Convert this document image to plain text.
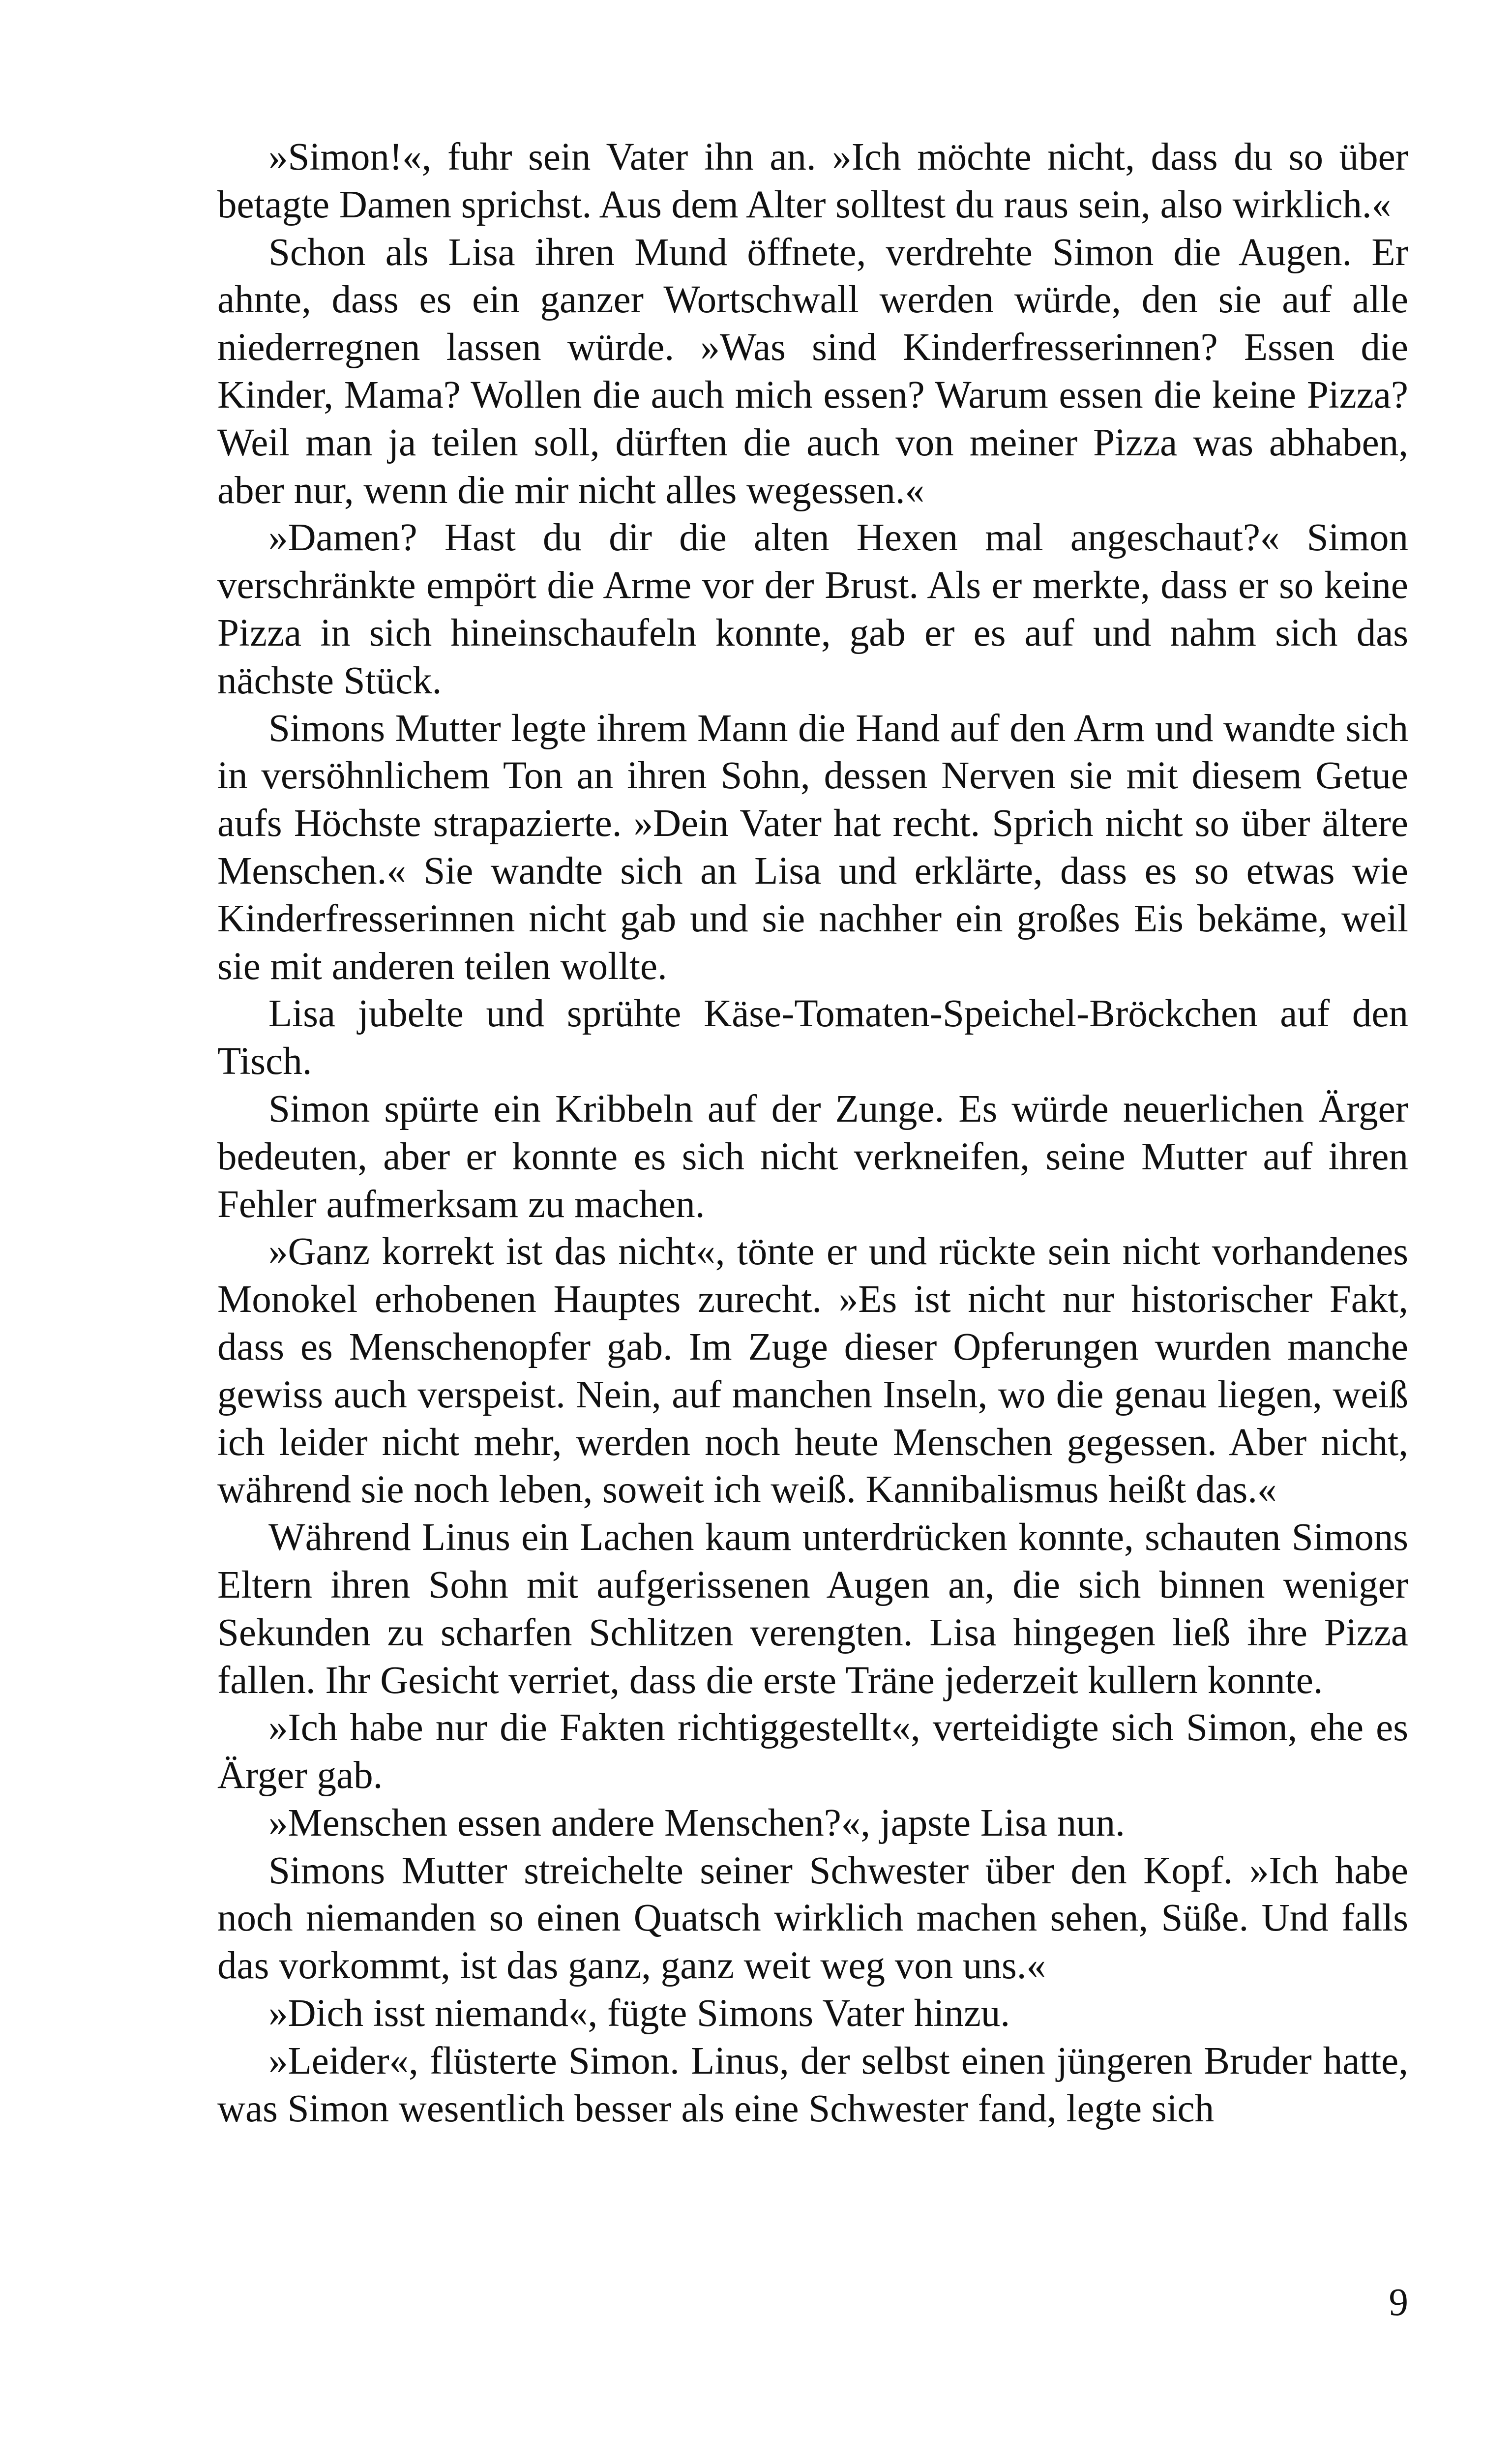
»Simon!«, fuhr sein Vater ihn an. »Ich möchte nicht, dass du so über betagte Damen sprichst. Aus dem Alter solltest du raus sein, also wirklich.«

Schon als Lisa ihren Mund öffnete, verdrehte Simon die Augen. Er ahnte, dass es ein ganzer Wortschwall werden würde, den sie auf alle niederregnen lassen würde. »Was sind Kinderfresserinnen? Essen die Kinder, Mama? Wollen die auch mich essen? Warum essen die keine Pizza? Weil man ja teilen soll, dürften die auch von meiner Pizza was abhaben, aber nur, wenn die mir nicht alles wegessen.«

»Damen? Hast du dir die alten Hexen mal angeschaut?« Simon verschränkte empört die Arme vor der Brust. Als er merkte, dass er so keine Pizza in sich hineinschaufeln konnte, gab er es auf und nahm sich das nächste Stück.

Simons Mutter legte ihrem Mann die Hand auf den Arm und wandte sich in versöhnlichem Ton an ihren Sohn, dessen Nerven sie mit diesem Getue aufs Höchste strapazierte. »Dein Vater hat recht. Sprich nicht so über ältere Menschen.« Sie wandte sich an Lisa und erklärte, dass es so etwas wie Kinderfresserinnen nicht gab und sie nachher ein großes Eis bekäme, weil sie mit anderen teilen wollte.

Lisa jubelte und sprühte Käse-Tomaten-Speichel-Bröckchen auf den Tisch.

Simon spürte ein Kribbeln auf der Zunge. Es würde neuerlichen Ärger bedeuten, aber er konnte es sich nicht verkneifen, seine Mutter auf ihren Fehler aufmerksam zu machen.

»Ganz korrekt ist das nicht«, tönte er und rückte sein nicht vorhandenes Monokel erhobenen Hauptes zurecht. »Es ist nicht nur historischer Fakt, dass es Menschenopfer gab. Im Zuge dieser Opferungen wurden manche gewiss auch verspeist. Nein, auf manchen Inseln, wo die genau liegen, weiß ich leider nicht mehr, werden noch heute Menschen gegessen. Aber nicht, während sie noch leben, soweit ich weiß. Kannibalismus heißt das.«

Während Linus ein Lachen kaum unterdrücken konnte, schauten Simons Eltern ihren Sohn mit aufgerissenen Augen an, die sich binnen weniger Sekunden zu scharfen Schlitzen verengten. Lisa hingegen ließ ihre Pizza fallen. Ihr Gesicht verriet, dass die erste Träne jederzeit kullern konnte.

»Ich habe nur die Fakten richtiggestellt«, verteidigte sich Simon, ehe es Ärger gab.

»Menschen essen andere Menschen?«, japste Lisa nun.

Simons Mutter streichelte seiner Schwester über den Kopf. »Ich habe noch niemanden so einen Quatsch wirklich machen sehen, Süße. Und falls das vorkommt, ist das ganz, ganz weit weg von uns.«

»Dich isst niemand«, fügte Simons Vater hinzu.

»Leider«, flüsterte Simon. Linus, der selbst einen jüngeren Bruder hatte, was Simon wesentlich besser als eine Schwester fand, legte sich

9
